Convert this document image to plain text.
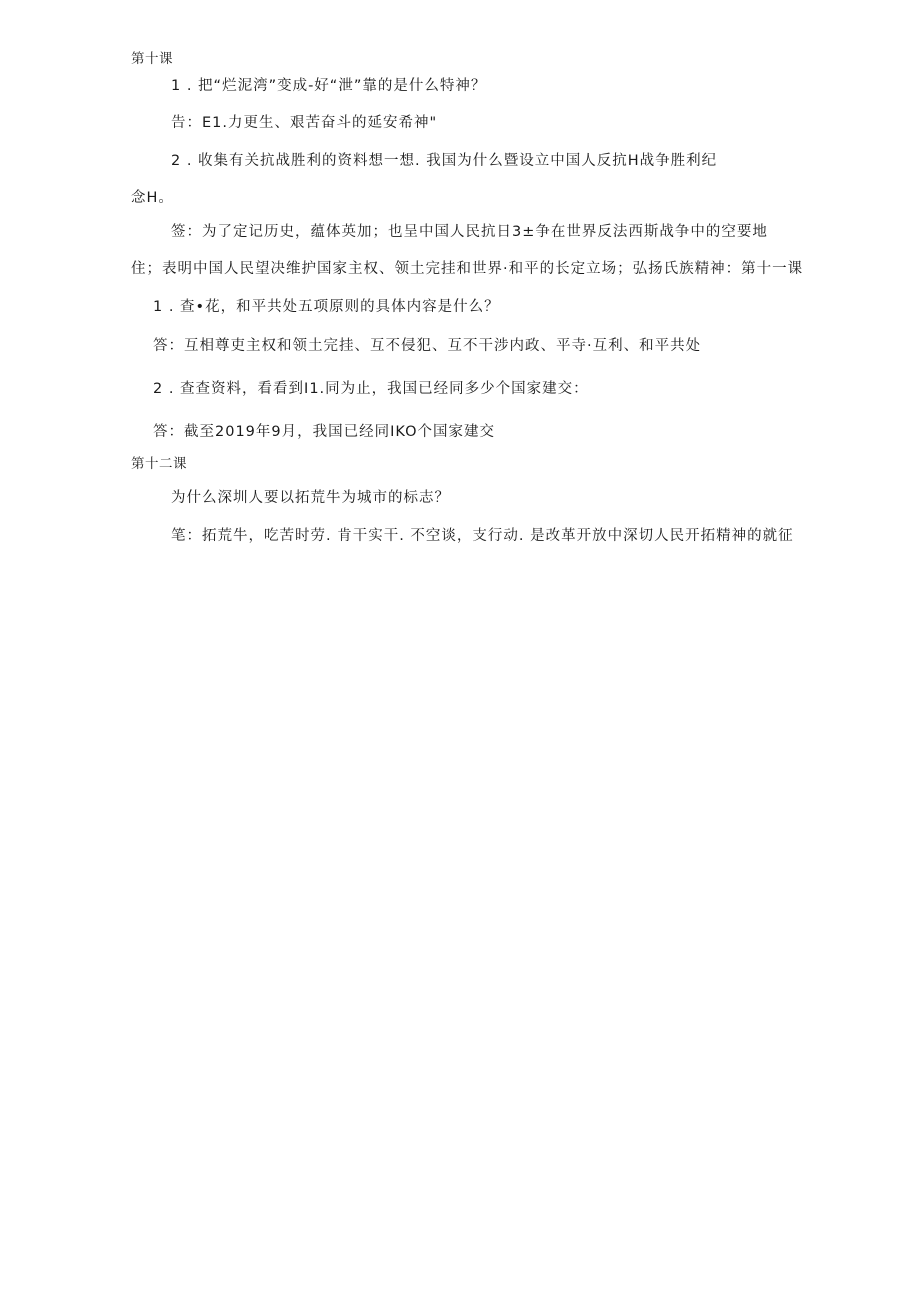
第十课
1 . 把“烂泥湾”变成-好“泄”靠的是什么特神？
告：E1.力更生、艰苦奋斗的延安希神"
2 . 收集有关抗战胜利的资料想一想. 我国为什么暨设立中国人反抗H战争胜利纪
念H。
签：为了定记历史，蕴体英加；也呈中国人民抗日3±争在世界反法西斯战争中的空要地
住；表明中国人民望决维护国家主权、领土完挂和世界·和平的长定立场；弘扬氏族精神：第十一课
1 . 查•花，和平共处五项原则的具体内容是什么？
答：互相尊吏主权和领土完挂、互不侵犯、互不干涉内政、平寺·互利、和平共处
2 . 查查资料，看看到I1.同为止，我国已经同多少个国家建交：
答：截至2019年9月，我国已经同IKO个国家建交
第十二课
为什么深圳人要以拓荒牛为城市的标志？
笔：拓荒牛，吃苦时劳. 肯干实干. 不空谈，支行动. 是改革开放中深切人民开拓精神的就征
